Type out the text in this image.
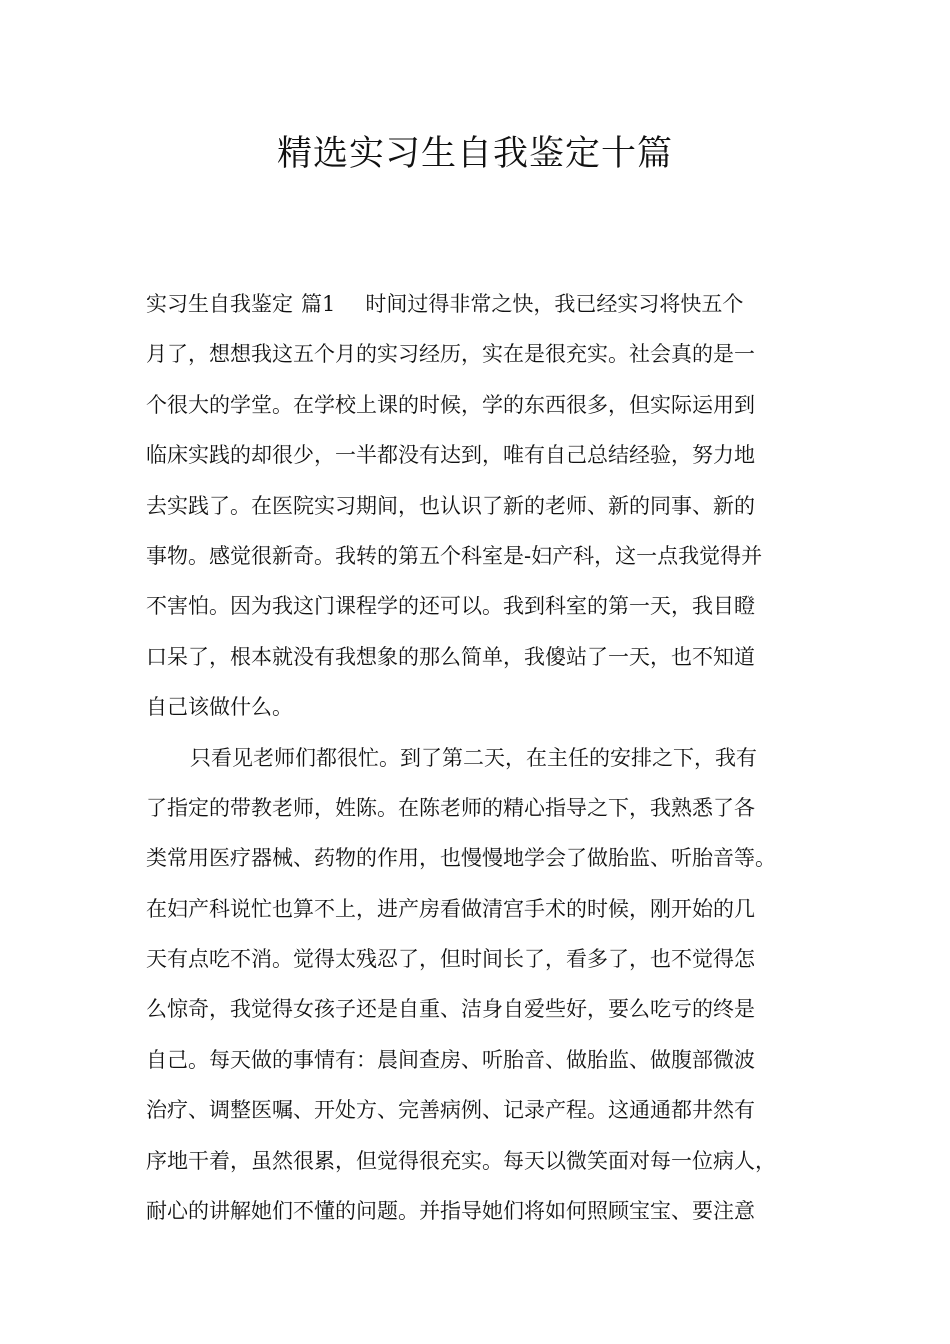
精选实习生自我鉴定十篇
实习生自我鉴定 篇1 时间过得非常之快，我已经实习将快五个
月了，想想我这五个月的实习经历，实在是很充实。社会真的是一
个很大的学堂。在学校上课的时候，学的东西很多，但实际运用到
临床实践的却很少，一半都没有达到，唯有自己总结经验，努力地
去实践了。在医院实习期间，也认识了新的老师、新的同事、新的
事物。感觉很新奇。我转的第五个科室是-妇产科，这一点我觉得并
不害怕。因为我这门课程学的还可以。我到科室的第一天，我目瞪
口呆了，根本就没有我想象的那么简单，我傻站了一天，也不知道
自己该做什么。
只看见老师们都很忙。到了第二天，在主任的安排之下，我有
了指定的带教老师，姓陈。在陈老师的精心指导之下，我熟悉了各
类常用医疗器械、药物的作用，也慢慢地学会了做胎监、听胎音等。
在妇产科说忙也算不上，进产房看做清宫手术的时候，刚开始的几
天有点吃不消。觉得太残忍了，但时间长了，看多了，也不觉得怎
么惊奇，我觉得女孩子还是自重、洁身自爱些好，要么吃亏的终是
自己。每天做的事情有：晨间查房、听胎音、做胎监、做腹部微波
治疗、调整医嘱、开处方、完善病例、记录产程。这通通都井然有
序地干着，虽然很累，但觉得很充实。每天以微笑面对每一位病人，
耐心的讲解她们不懂的问题。并指导她们将如何照顾宝宝、要注意
